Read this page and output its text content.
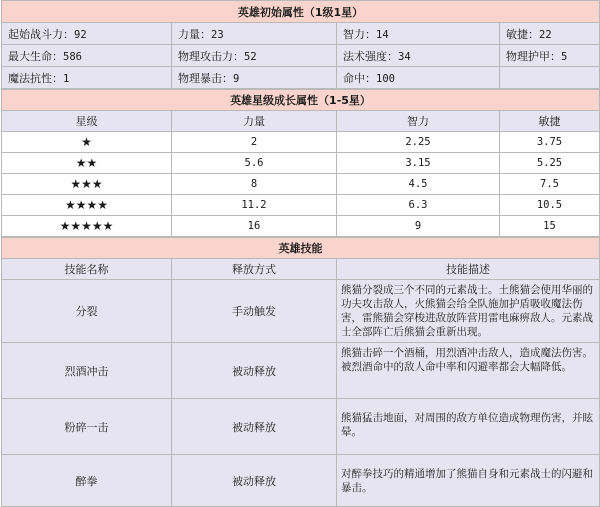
英雄初始属性（1级1星）			
起始战斗力：92	力量：23	智力：14	敏捷：22
最大生命：586	物理攻击力：52	法术强度：34	物理护甲：5
魔法抗性：1	物理暴击：9	命中：100	
英雄星级成长属性（1-5星）			
星级	力量	智力	敏捷
★	2	2.25	3.75
★★	5.6	3.15	5.25
★★★	8	4.5	7.5
★★★★	11.2	6.3	10.5
★★★★★	16	9	15
英雄技能		
技能名称	释放方式	技能描述
分裂	手动触发	熊猫分裂成三个不同的元素战士。土熊猫会使用华丽的功夫攻击敌人，火熊猫会给全队施加护盾吸收魔法伤害，雷熊猫会穿梭进敌放阵营用雷电麻痹敌人。元素战士全部阵亡后熊猫会重新出现。
烈酒冲击	被动释放	熊猫击碎一个酒桶，用烈酒冲击敌人，造成魔法伤害。被烈酒命中的敌人命中率和闪避率都会大幅降低。
粉碎一击	被动释放	熊猫猛击地面，对周围的敌方单位造成物理伤害，并眩晕。
醉拳	被动释放	对醉拳技巧的精通增加了熊猫自身和元素战士的闪避和暴击。
